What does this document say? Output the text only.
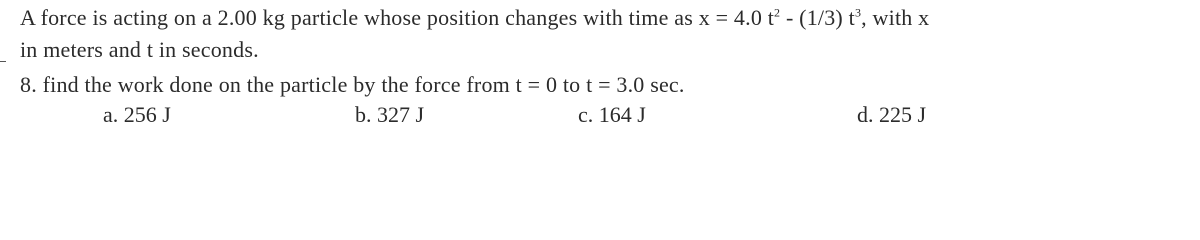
A force is acting on a 2.00 kg particle whose position changes with time as x = 4.0 $t^2 - (1/3)$ $t^3$, with x
in meters and t in seconds.
8. find the work done on the particle by the force from t = 0 to t = 3.0 sec.
a. 256 J	b. 327 J	c. 164 J	d. 225 J
